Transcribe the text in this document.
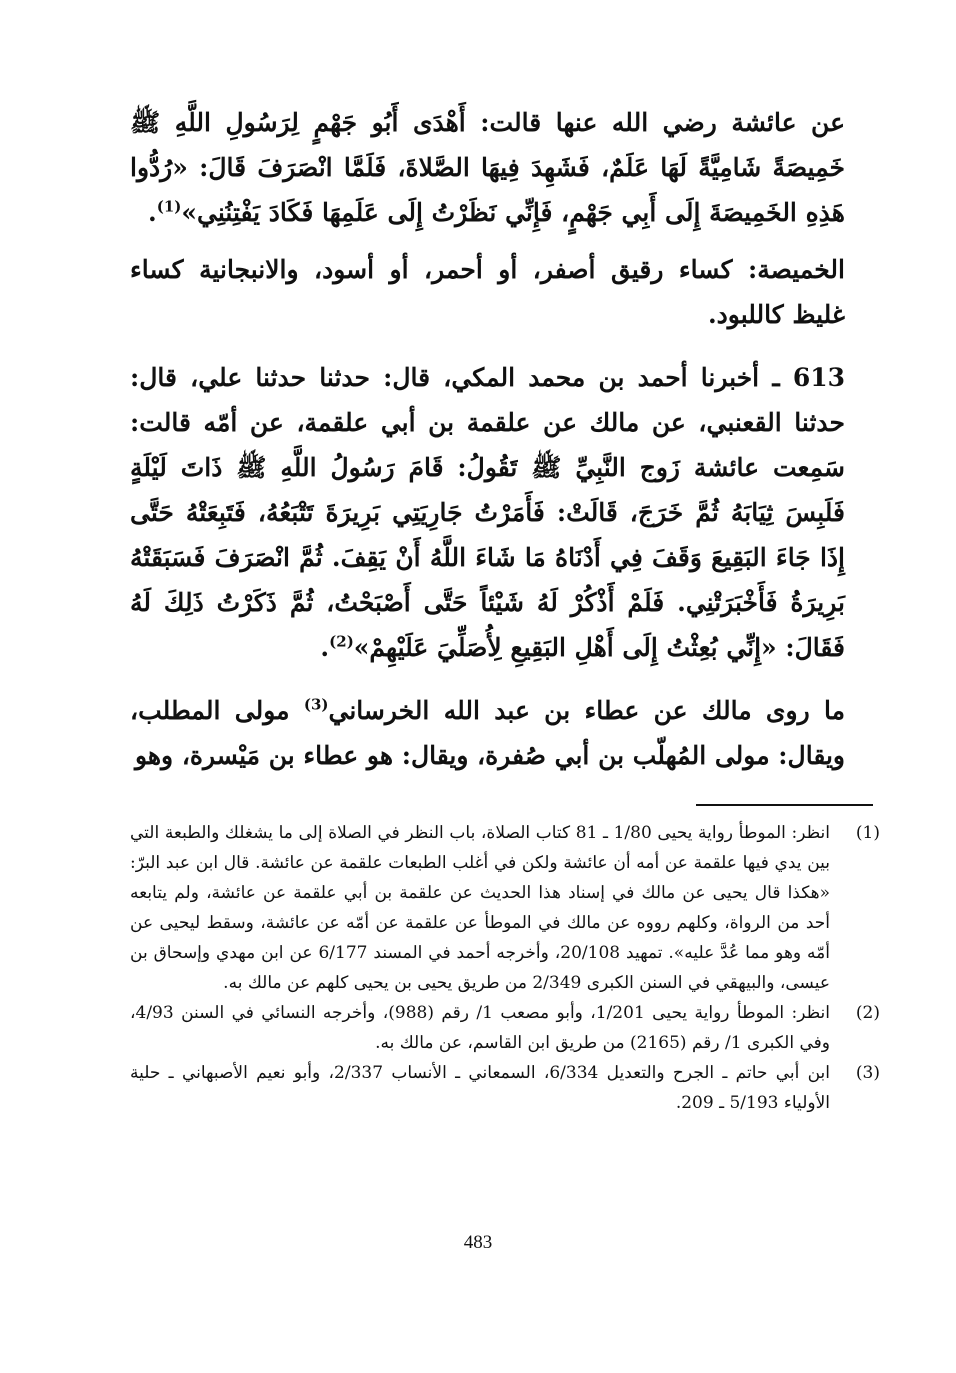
عن عائشة رضي الله عنها قالت: أَهْدَى أَبُو جَهْمٍ لِرَسُولِ اللَّهِ ﷺ خَمِيصَةً شَامِيَّةً لَهَا عَلَمٌ، فَشَهِدَ فِيهَا الصَّلاةَ، فَلَمَّا انْصَرَفَ قَالَ: «رُدُّوا هَذِهِ الخَمِيصَةَ إِلَى أَبِي جَهْمٍ، فَإِنِّي نَظَرْتُ إِلَى عَلَمِهَا فَكَادَ يَفْتِنُنِي»$^{(1)}$.

الخميصة: كساء رقيق أصفر، أو أحمر، أو أسود، والانبجانية كساء غليظ كاللبود.

613 ـ أخبرنا أحمد بن محمد المكي، قال: حدثنا حدثنا علي، قال: حدثنا القعنبي، عن مالك عن علقمة بن أبي علقمة، عن أمّه قالت: سَمِعت عائشة زَوج النَّبِيِّ ﷺ تَقُولُ: قَامَ رَسُولُ اللَّهِ ﷺ ذَاتَ لَيْلَةٍ فَلَبِسَ ثِيَابَهُ ثُمَّ خَرَجَ، قَالَتْ: فَأَمَرْتُ جَارِيَتِي بَرِيرَةَ تَتْبَعُهُ، فَتَبِعَتْهُ حَتَّى إِذَا جَاءَ البَقِيعَ وَقَفَ فِي أَدْنَاهُ مَا شَاءَ اللَّهُ أَنْ يَقِفَ. ثُمَّ انْصَرَفَ فَسَبَقَتْهُ بَرِيرَةُ فَأَخْبَرَتْنِي. فَلَمْ أَذْكُرْ لَهُ شَيْئاً حَتَّى أَصْبَحْتُ، ثُمَّ ذَكَرْتُ ذَلِكَ لَهُ فَقَالَ: «إِنِّي بُعِثْتُ إِلَى أَهْلِ البَقِيعِ لِأُصَلِّيَ عَلَيْهِمْ»$^{(2)}$.

ما روى مالك عن عطاء بن عبد الله الخرساني$^{(3)}$ مولى المطلب، ويقال: مولى المُهلّب بن أبي صُفرة، ويقال: هو عطاء بن مَيْسرة، وهو

(1)
انظر: الموطأ رواية يحيى 1/80 ـ 81 كتاب الصلاة، باب النظر في الصلاة إلى ما يشغلك والطبعة التي بين يدي فيها علقمة عن أمه أن عائشة ولكن في أغلب الطبعات علقمة عن عائشة. قال ابن عبد البرّ: «هكذا قال يحيى عن مالك في إسناد هذا الحديث عن علقمة بن أبي علقمة عن عائشة، ولم يتابعه أحد من الرواة، وكلهم رووه عن مالك في الموطأ عن علقمة عن أمّه عن عائشة، وسقط ليحيى عن أمّه وهو مما عُدَّ عليه». تمهيد 20/108، وأخرجه أحمد في المسند 6/177 عن ابن مهدي وإسحاق بن عيسى، والبيهقي في السنن الكبرى 2/349 من طريق يحيى بن يحيى كلهم عن مالك به.

(2)
انظر: الموطأ رواية يحيى 1/201، وأبو مصعب 1/ رقم (988)، وأخرجه النسائي في السنن 4/93، وفي الكبرى 1/ رقم (2165) من طريق ابن القاسم، عن مالك به.

(3)
ابن أبي حاتم ـ الجرح والتعديل 6/334، السمعاني ـ الأنساب 2/337، وأبو نعيم الأصبهاني ـ حلية الأولياء 5/193 ـ 209.

483
